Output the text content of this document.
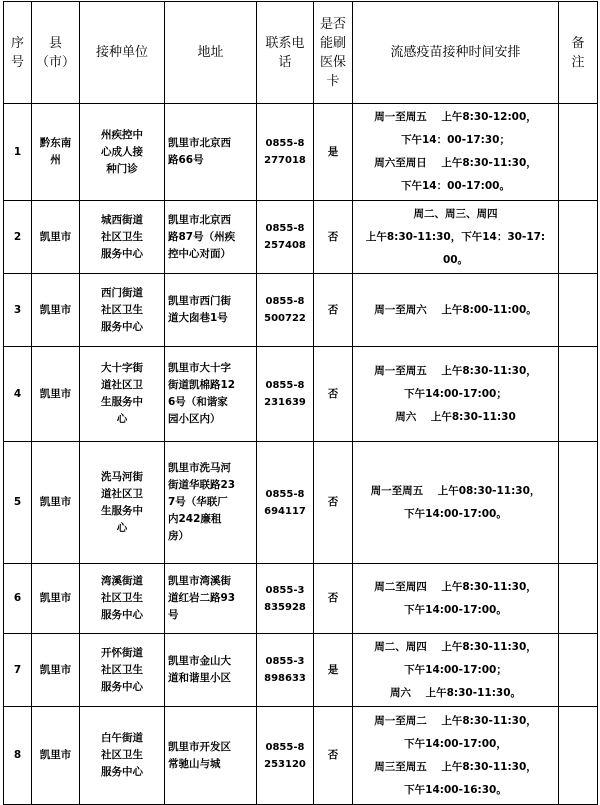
序
号	县
（市）	接种单位	地址	联系电
话	是否
能刷
医保
卡	流感疫苗接种时间安排	备
注

1	黔东南
州	州疾控中
心成人接
种门诊	凯里市北京西
路66号	0855-8
277018	是	周一至周五    上午8:30-12:00，
下午14：00-17:30；
周六至周日    上午8:30-11:30，
下午14：00-17:00。	

2	凯里市	城西街道
社区卫生
服务中心	凯里市北京西
路87号（州疾
控中心对面）	0855-8
257408	否	周二、周三、周四
上午8:30-11:30，下午14：30-17:
00。	

3	凯里市	西门街道
社区卫生
服务中心	凯里市西门街
道大囱巷1号	0855-8
500722	否	周一至周六    上午8:00-11:00。	

4	凯里市	大十字街
道社区卫
生服务中
心	凯里市大十字
街道凯棉路12
6号（和谐家
园小区内）	0855-8
231639	否	周一至周五    上午8:30-11:30，
下午14:00-17:00；
周六    上午8:30-11:30	

5	凯里市	洗马河街
道社区卫
生服务中
心	凯里市洗马河
街道华联路23
7号（华联厂
内242廉租
房）	0855-8
694117	否	周一至周五    上午08:30-11:30，
下午14:00-17:00。	

6	凯里市	湾溪街道
社区卫生
服务中心	凯里市湾溪街
道红岩二路93
号	0855-3
835928	否	周二至周四    上午8:30-11:30，
下午14:00-17:00。	

7	凯里市	开怀街道
社区卫生
服务中心	凯里市金山大
道和谐里小区	0855-3
898633	是	周二、周四    上午8:30-11:30，
下午14:00-17:00；
周六    上午8:30-11:30。	

8	凯里市	白午街道
社区卫生
服务中心	凯里市开发区
常驰山与城	0855-8
253120	否	周一至周二    上午8:30-11:30，
下午14:00-17:00，
周三至周五    上午8:30-11:30，
下午14:00-16:30。	
